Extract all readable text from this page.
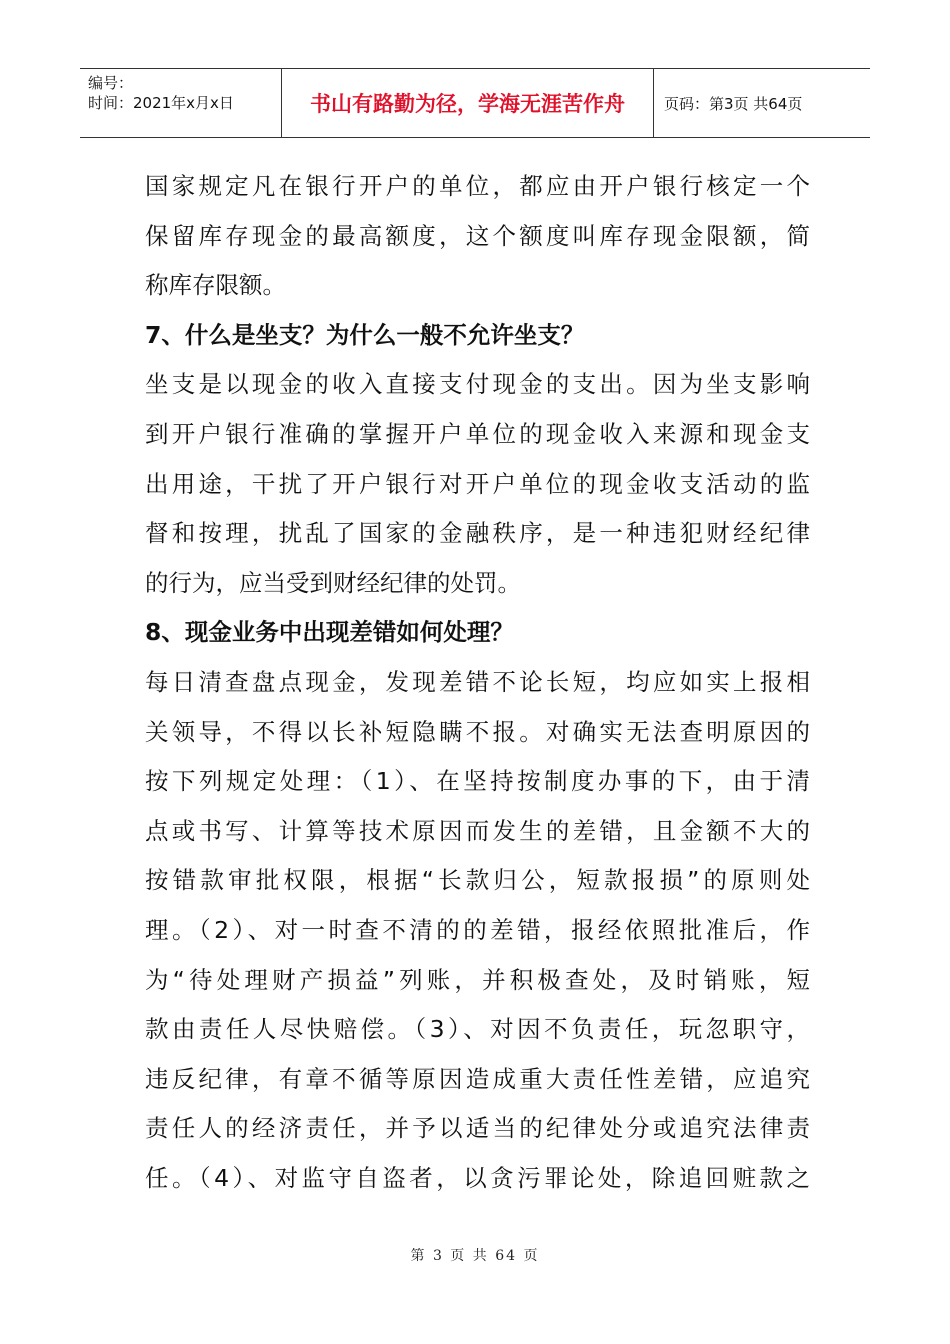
编号：
时间：2021年x月x日	书山有路勤为径，学海无涯苦作舟	页码：第3页 共64页
国家规定凡在银行开户的单位，都应由开户银行核定一个
保留库存现金的最高额度，这个额度叫库存现金限额，简
称库存限额。
7、什么是坐支？为什么一般不允许坐支？
坐支是以现金的收入直接支付现金的支出。因为坐支影响
到开户银行准确的掌握开户单位的现金收入来源和现金支
出用途，干扰了开户银行对开户单位的现金收支活动的监
督和按理，扰乱了国家的金融秩序，是一种违犯财经纪律
的行为，应当受到财经纪律的处罚。
8、现金业务中出现差错如何处理？
每日清查盘点现金，发现差错不论长短，均应如实上报相
关领导，不得以长补短隐瞒不报。对确实无法查明原因的
按下列规定处理：（1）、在坚持按制度办事的下，由于清
点或书写、计算等技术原因而发生的差错，且金额不大的
按错款审批权限，根据“长款归公，短款报损”的原则处
理。（2）、对一时查不清的的差错，报经依照批准后，作
为“待处理财产损益”列账，并积极查处，及时销账，短
款由责任人尽快赔偿。（3）、对因不负责任，玩忽职守，
违反纪律，有章不循等原因造成重大责任性差错，应追究
责任人的经济责任，并予以适当的纪律处分或追究法律责
任。（4）、对监守自盗者，以贪污罪论处，除追回赃款之
第 3 页 共 64 页
